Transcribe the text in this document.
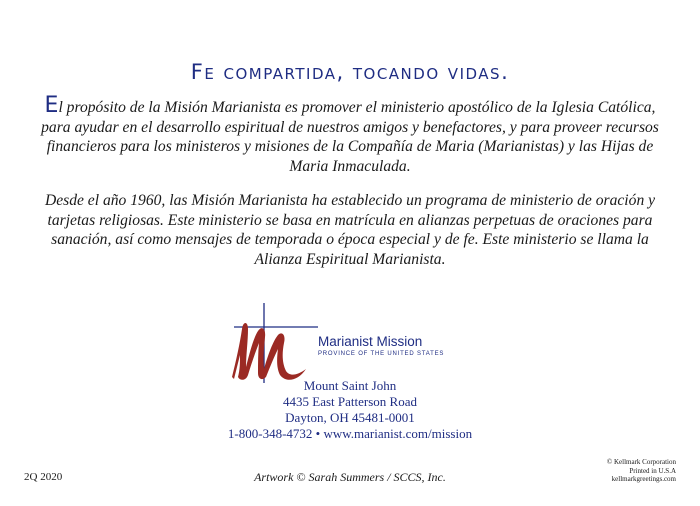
Fe compartida, tocando vidas.

El propósito de la Misión Marianista es promover el ministerio apostólico de la Iglesia Católica, para ayudar en el desarrollo espiritual de nuestros amigos y benefactores, y para proveer recursos financieros para los ministeros y misiones de la Compañía de Maria (Marianistas) y las Hijas de Maria Inmaculada.

Desde el año 1960, las Misión Marianista ha establecido un programa de ministerio de oración y tarjetas religiosas. Este ministerio se basa en matrícula en alianzas perpetuas de oraciones para sanación, así como mensajes de temporada o época especial y de fe. Este ministerio se llama la Alianza Espiritual Marianista.

Marianist Mission
PROVINCE OF THE UNITED STATES
Mount Saint John
4435 East Patterson Road
Dayton, OH 45481-0001
1-800-348-4732 • www.marianist.com/mission
2Q 2020	Artwork © Sarah Summers / SCCS, Inc.
© Kellmark Corporation
Printed in U.S.A
kellmarkgreetings.com
